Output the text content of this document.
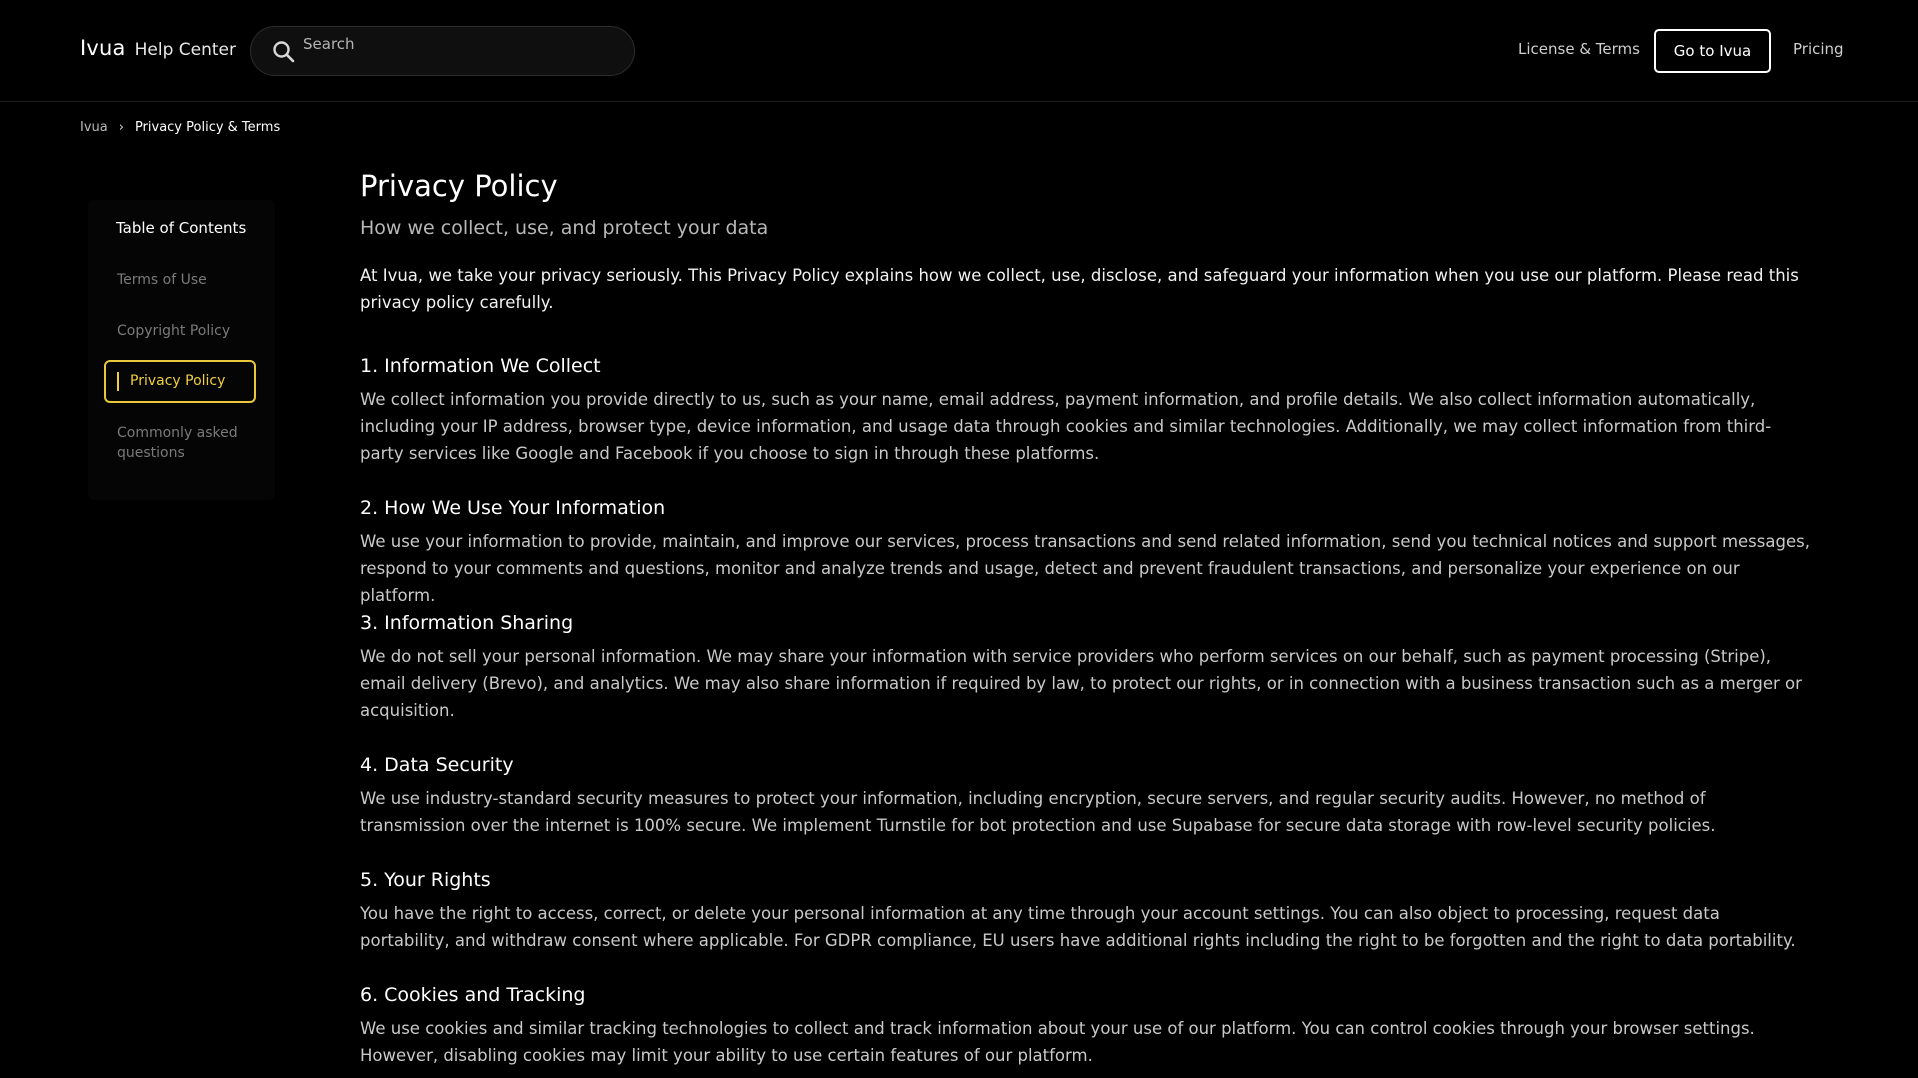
Ivua Help Center
Search	License & Terms	Go to Ivua	Pricing
Ivua › Privacy Policy & Terms
Table of Contents
Terms of Use
Copyright Policy
Privacy Policy
Commonly asked questions
Privacy Policy

How we collect, use, and protect your data

At Ivua, we take your privacy seriously. This Privacy Policy explains how we collect, use, disclose, and safeguard your information when you use our platform. Please read this privacy policy carefully.

1. Information We Collect

We collect information you provide directly to us, such as your name, email address, payment information, and profile details. We also collect information automatically, including your IP address, browser type, device information, and usage data through cookies and similar technologies. Additionally, we may collect information from third-party services like Google and Facebook if you choose to sign in through these platforms.

2. How We Use Your Information

We use your information to provide, maintain, and improve our services, process transactions and send related information, send you technical notices and support messages, respond to your comments and questions, monitor and analyze trends and usage, detect and prevent fraudulent transactions, and personalize your experience on our platform.

3. Information Sharing

We do not sell your personal information. We may share your information with service providers who perform services on our behalf, such as payment processing (Stripe), email delivery (Brevo), and analytics. We may also share information if required by law, to protect our rights, or in connection with a business transaction such as a merger or acquisition.

4. Data Security

We use industry-standard security measures to protect your information, including encryption, secure servers, and regular security audits. However, no method of transmission over the internet is 100% secure. We implement Turnstile for bot protection and use Supabase for secure data storage with row-level security policies.

5. Your Rights

You have the right to access, correct, or delete your personal information at any time through your account settings. You can also object to processing, request data portability, and withdraw consent where applicable. For GDPR compliance, EU users have additional rights including the right to be forgotten and the right to data portability.

6. Cookies and Tracking

We use cookies and similar tracking technologies to collect and track information about your use of our platform. You can control cookies through your browser settings. However, disabling cookies may limit your ability to use certain features of our platform.
